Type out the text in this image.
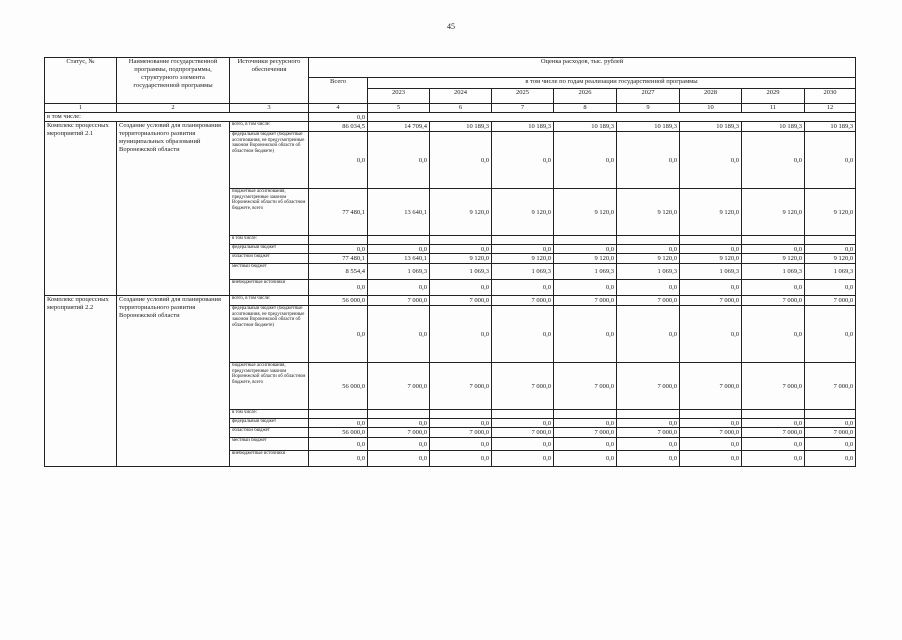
45
Статус, №	Наименование государственной программы, подпрограммы, структурного элемента государственной программы	Источники ресурсного обеспечения	Оценка расходов, тыс. рублей								
			Всего	в том числе по годам реализации государственной программы							
				2023	2024	2025	2026	2027	2028	2029	2030
1	2	3	4	5	6	7	8	9	10	11	12
в том числе:			0,0								
Комплекс процессных мероприятий 2.1	Создание условий для планирования территориального развития муниципальных образований Воронежской области	всего, в том числе:	86 034,5	14 709,4	10 189,3	10 189,3	10 189,3	10 189,3	10 189,3	10 189,3	10 189,3
		федеральный бюджет (бюджетные ассигнования, не предусмотренные законом Воронежской области об областном бюджете)	0,0	0,0	0,0	0,0	0,0	0,0	0,0	0,0	0,0
		бюджетные ассигнования, предусмотренные законом Воронежской области об областном бюджете, всего	77 480,1	13 640,1	9 120,0	9 120,0	9 120,0	9 120,0	9 120,0	9 120,0	9 120,0
		в том числе:									
		федеральный бюджет	0,0	0,0	0,0	0,0	0,0	0,0	0,0	0,0	0,0
		областной бюджет	77 480,1	13 640,1	9 120,0	9 120,0	9 120,0	9 120,0	9 120,0	9 120,0	9 120,0
		местный бюджет	8 554,4	1 069,3	1 069,3	1 069,3	1 069,3	1 069,3	1 069,3	1 069,3	1 069,3
		внебюджетные источники	0,0	0,0	0,0	0,0	0,0	0,0	0,0	0,0	0,0
Комплекс процессных мероприятий 2.2	Создание условий для планирования территориального развития Воронежской области	всего, в том числе:	56 000,0	7 000,0	7 000,0	7 000,0	7 000,0	7 000,0	7 000,0	7 000,0	7 000,0
		федеральный бюджет (бюджетные ассигнования, не предусмотренные законом Воронежской области об областном бюджете)	0,0	0,0	0,0	0,0	0,0	0,0	0,0	0,0	0,0
		бюджетные ассигнования, предусмотренные законом Воронежской области об областном бюджете, всего	56 000,0	7 000,0	7 000,0	7 000,0	7 000,0	7 000,0	7 000,0	7 000,0	7 000,0
		в том числе:									
		федеральный бюджет	0,0	0,0	0,0	0,0	0,0	0,0	0,0	0,0	0,0
		областной бюджет	56 000,0	7 000,0	7 000,0	7 000,0	7 000,0	7 000,0	7 000,0	7 000,0	7 000,0
		местный бюджет	0,0	0,0	0,0	0,0	0,0	0,0	0,0	0,0	0,0
		внебюджетные источники	0,0	0,0	0,0	0,0	0,0	0,0	0,0	0,0	0,0
